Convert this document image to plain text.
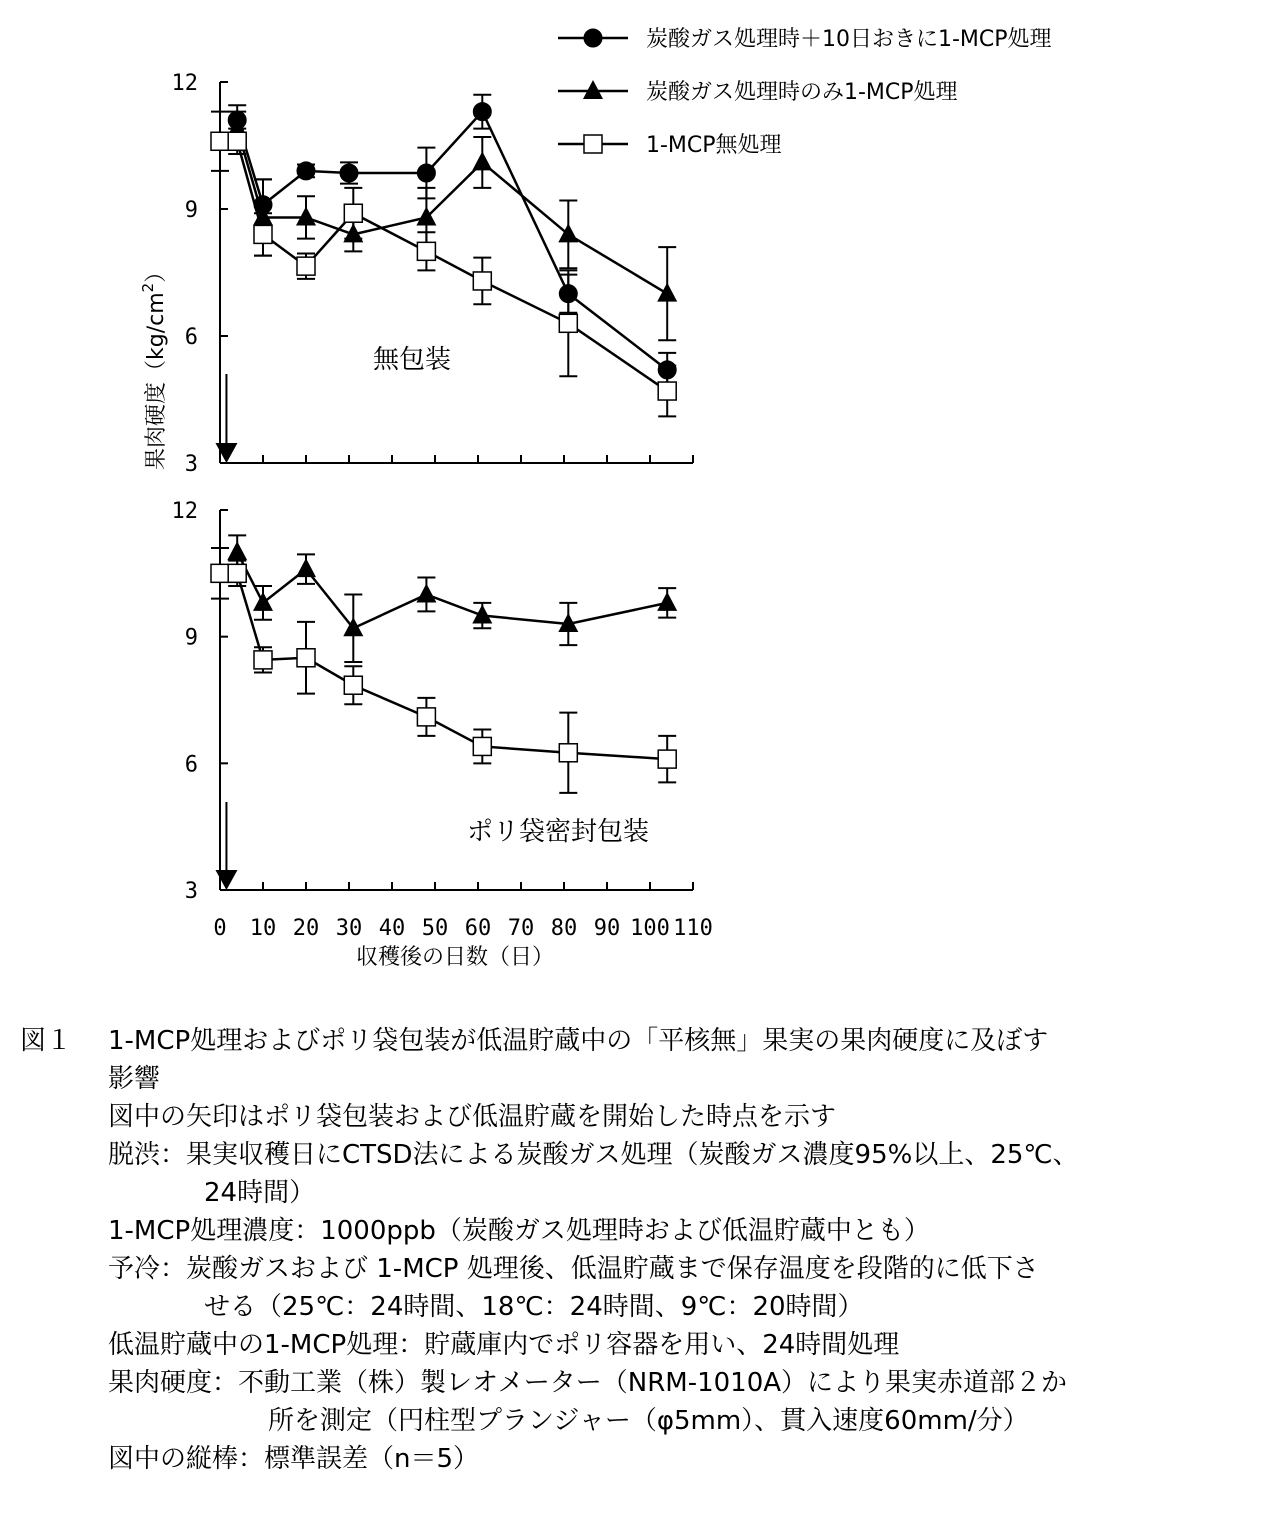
炭酸ガス処理時＋10日おきに1-MCP処理
炭酸ガス処理時のみ1-MCP処理
1-MCP無処理
3
6
9
12
無包装
3
6
9
12
0 10 20 30 40 50 60 70 80 90 100 110
ポリ袋密封包装
果肉硬度$(kg/cm^2)$
収穫後の日数（日）
図１ 1-MCP処理およびポリ袋包装が低温貯蔵中の「平核無」果実の果肉硬度に及ぼす
影響
図中の矢印はポリ袋包装および低温貯蔵を開始した時点を示す
脱渋：果実収穫日にCTSD法による炭酸ガス処理（炭酸ガス濃度95%以上、25℃、
24時間）
1-MCP処理濃度：1000ppb（炭酸ガス処理時および低温貯蔵中とも）
予冷：炭酸ガスおよび 1-MCP 処理後、低温貯蔵まで保存温度を段階的に低下さ
せる（25℃：24時間、18℃：24時間、9℃：20時間）
低温貯蔵中の1-MCP処理：貯蔵庫内でポリ容器を用い、24時間処理
果肉硬度：不動工業（株）製レオメーター（NRM-1010A）により果実赤道部２か
所を測定（円柱型プランジャー（φ5mm）、貫入速度60mm/分）
図中の縦棒：標準誤差（n＝5）
